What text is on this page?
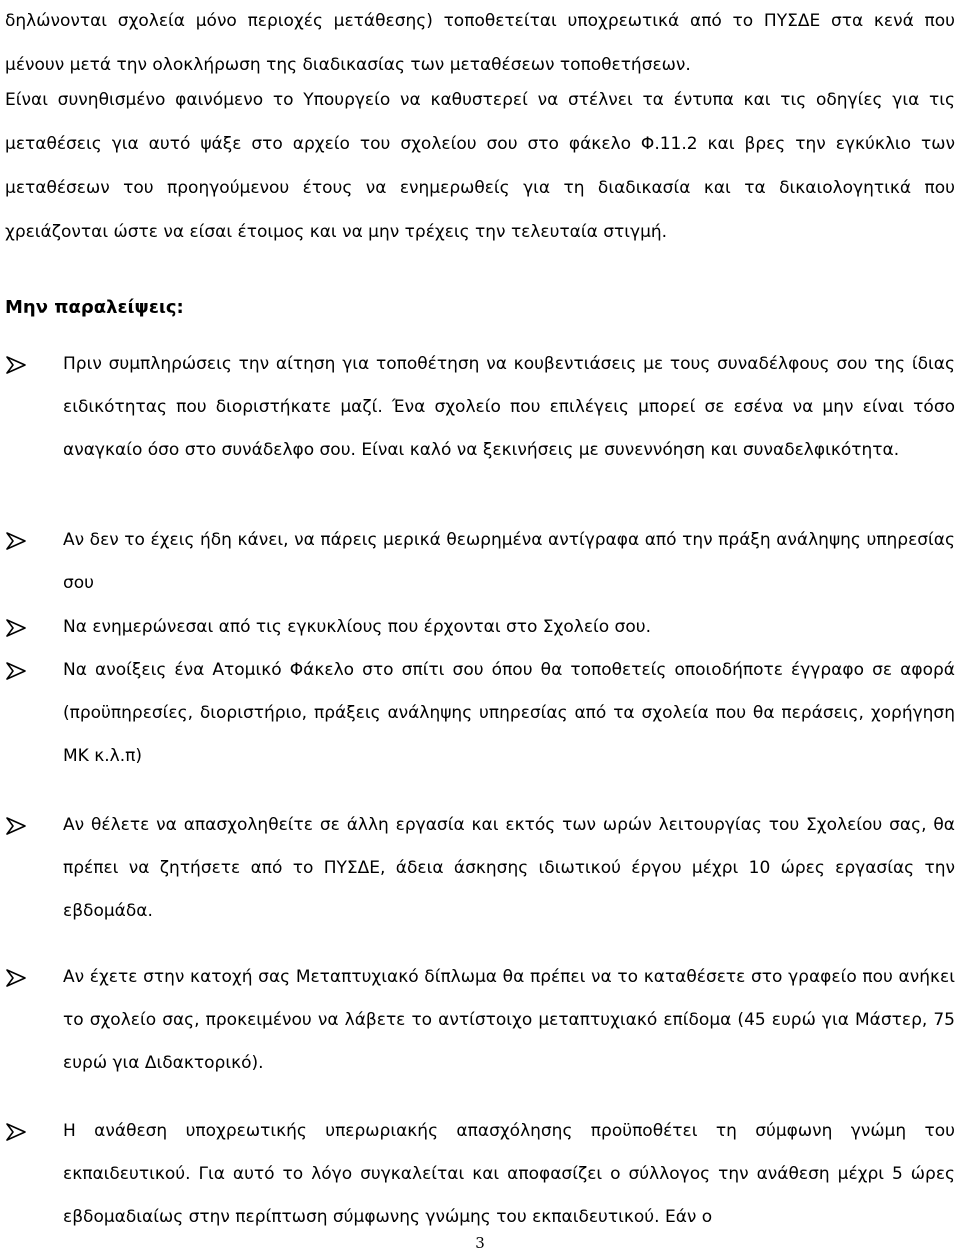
δηλώνονται σχολεία μόνο περιοχές μετάθεσης) τοποθετείται υποχρεωτικά από το ΠΥΣΔΕ στα κενά που μένουν μετά την ολοκλήρωση της διαδικασίας των μεταθέσεων τοποθετήσεων.

Είναι συνηθισμένο φαινόμενο το Υπουργείο να καθυστερεί να στέλνει τα έντυπα και τις οδηγίες για τις μεταθέσεις για αυτό ψάξε στο αρχείο του σχολείου σου στο φάκελο Φ.11.2 και βρες την εγκύκλιο των μεταθέσεων του προηγούμενου έτους να ενημερωθείς για τη διαδικασία και τα δικαιολογητικά που χρειάζονται ώστε να είσαι έτοιμος και να μην τρέχεις την τελευταία στιγμή.

Μην παραλείψεις:

Πριν συμπληρώσεις την αίτηση για τοποθέτηση να κουβεντιάσεις με τους συναδέλφους σου της ίδιας ειδικότητας που διοριστήκατε μαζί. Ένα σχολείο που επιλέγεις μπορεί σε εσένα να μην είναι τόσο αναγκαίο όσο στο συνάδελφο σου. Είναι καλό να ξεκινήσεις με συνεννόηση και συναδελφικότητα.

Αν δεν το έχεις ήδη κάνει, να πάρεις μερικά θεωρημένα αντίγραφα από την πράξη ανάληψης υπηρεσίας σου

Να ενημερώνεσαι από τις εγκυκλίους που έρχονται στο Σχολείο σου.

Να ανοίξεις ένα Ατομικό Φάκελο στο σπίτι σου όπου θα τοποθετείς οποιοδήποτε έγγραφο σε αφορά (προϋπηρεσίες, διοριστήριο, πράξεις ανάληψης υπηρεσίας από τα σχολεία που θα περάσεις, χορήγηση ΜΚ κ.λ.π)

Αν θέλετε να απασχοληθείτε σε άλλη εργασία και εκτός των ωρών λειτουργίας του Σχολείου σας, θα πρέπει να ζητήσετε από το ΠΥΣΔΕ, άδεια άσκησης ιδιωτικού έργου μέχρι 10 ώρες εργασίας την εβδομάδα.

Αν έχετε στην κατοχή σας Μεταπτυχιακό δίπλωμα θα πρέπει να το καταθέσετε στο γραφείο που ανήκει το σχολείο σας, προκειμένου να λάβετε το αντίστοιχο μεταπτυχιακό επίδομα (45 ευρώ για Μάστερ, 75 ευρώ για Διδακτορικό).

Η ανάθεση υποχρεωτικής υπερωριακής απασχόλησης προϋποθέτει τη σύμφωνη γνώμη του εκπαιδευτικού. Για αυτό το λόγο συγκαλείται και αποφασίζει ο σύλλογος την ανάθεση μέχρι 5 ώρες εβδομαδιαίως στην περίπτωση σύμφωνης γνώμης του εκπαιδευτικού. Εάν ο

3
